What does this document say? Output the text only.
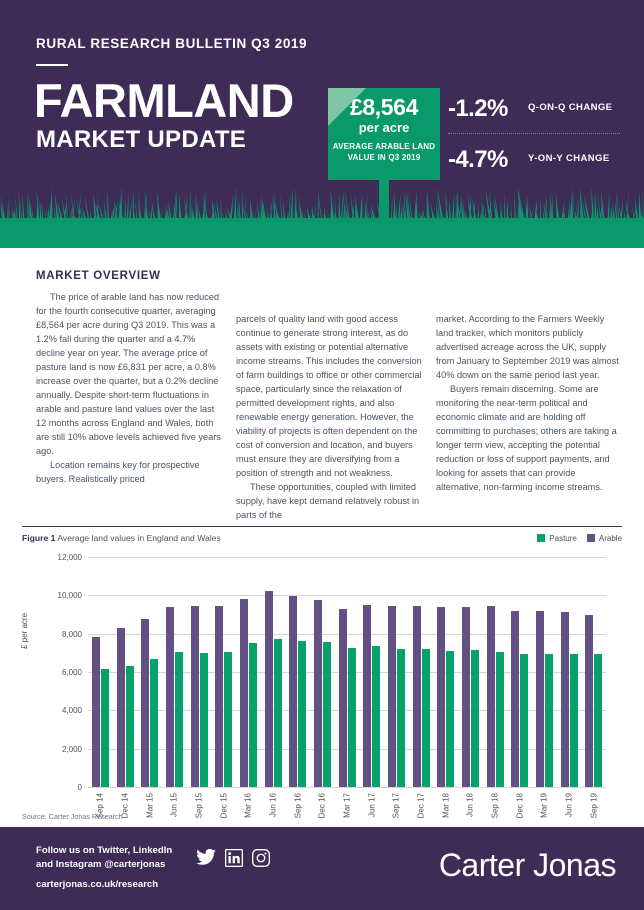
RURAL RESEARCH BULLETIN Q3 2019
FARMLAND
MARKET UPDATE
£8,564
per acre
AVERAGE ARABLE LAND VALUE IN Q3 2019
-1.2%	Q-ON-Q CHANGE
-4.7%	Y-ON-Y CHANGE
MARKET OVERVIEW

The price of arable land has now reduced for the fourth consecutive quarter, averaging £8,564 per acre during Q3 2019. This was a 1.2% fall during the quarter and a 4.7% decline year on year. The average price of pasture land is now £6,831 per acre, a 0.8% increase over the quarter, but a 0.2% decline annually. Despite short-term fluctuations in arable and pasture land values over the last 12 months across England and Wales, both are still 10% above levels achieved five years ago.

Location remains key for prospective buyers. Realistically priced

parcels of quality land with good access continue to generate strong interest, as do assets with existing or potential alternative income streams. This includes the conversion of farm buildings to office or other commercial space, particularly since the relaxation of permitted development rights, and also renewable energy generation. However, the viability of projects is often dependent on the cost of conversion and location, and buyers must ensure they are diversifying from a position of strength and not weakness.

These opportunities, coupled with limited supply, have kept demand relatively robust in parts of the

market. According to the Farmers Weekly land tracker, which monitors publicly advertised acreage across the UK, supply from January to September 2019 was almost 40% down on the same period last year.

Buyers remain discerning. Some are monitoring the near-term political and economic climate and are holding off committing to purchases; others are taking a longer term view, accepting the potential reduction or loss of support payments, and looking for assets that can provide alternative, non-farming income streams.

Figure 1 Average land values in England and Wales	Pasture	Arable
£ per acre
0
2,000
4,000
6,000
8,000
10,000
12,000
Sep 14 Dec 14 Mar 15 Jun 15 Sep 15 Dec 15 Mar 16 Jun 16 Sep 16 Dec 16 Mar 17 Jun 17 Sep 17 Dec 17 Mar 18 Jun 18 Sep 18 Dec 18 Mar 19 Jun 19 Sep 19
Source: Carter Jonas Research
Follow us on Twitter, LinkedIn
and Instagram @carterjonas
carterjonas.co.uk/research
Carter Jonas
